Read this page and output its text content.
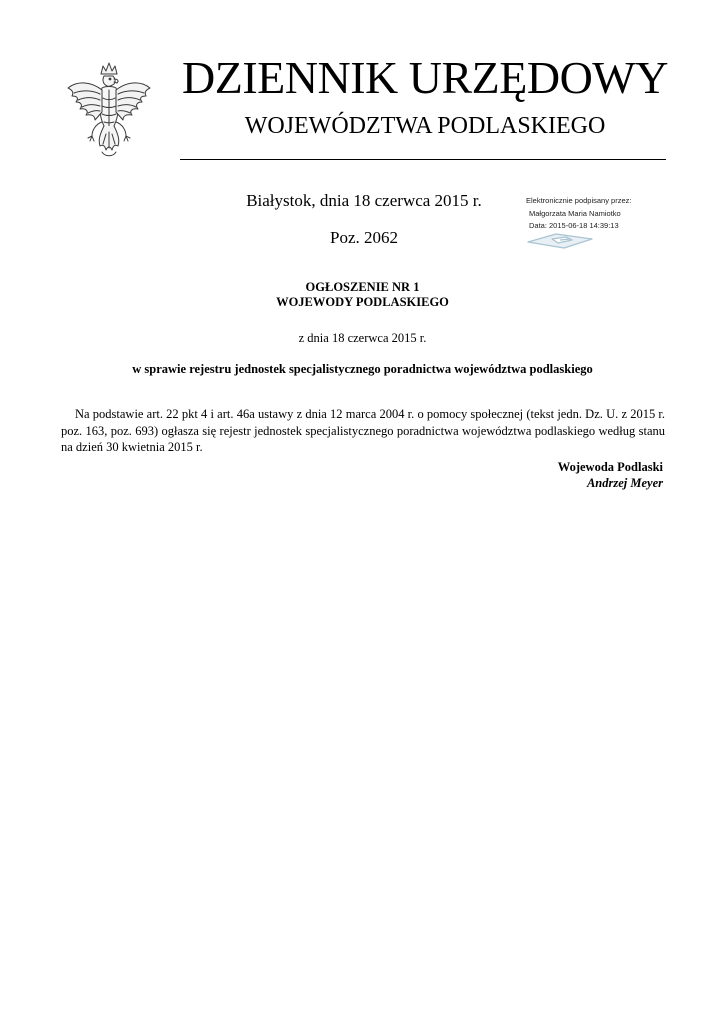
DZIENNIK URZĘDOWY
WOJEWÓDZTWA PODLASKIEGO
Białystok, dnia 18 czerwca 2015 r.
Poz. 2062
Elektronicznie podpisany przez:
Małgorzata Maria Namiotko
Data: 2015-06-18 14:39:13
OGŁOSZENIE NR 1
WOJEWODY PODLASKIEGO
z dnia 18 czerwca 2015 r.
w sprawie rejestru jednostek specjalistycznego poradnictwa województwa podlaskiego

Na podstawie art. 22 pkt 4 i art. 46a ustawy z dnia 12 marca 2004 r. o pomocy społecznej (tekst jedn. Dz. U. z 2015 r. poz. 163, poz. 693) ogłasza się rejestr jednostek specjalistycznego poradnictwa województwa podlaskiego według stanu na dzień 30 kwietnia 2015 r.

Wojewoda Podlaski
Andrzej Meyer
